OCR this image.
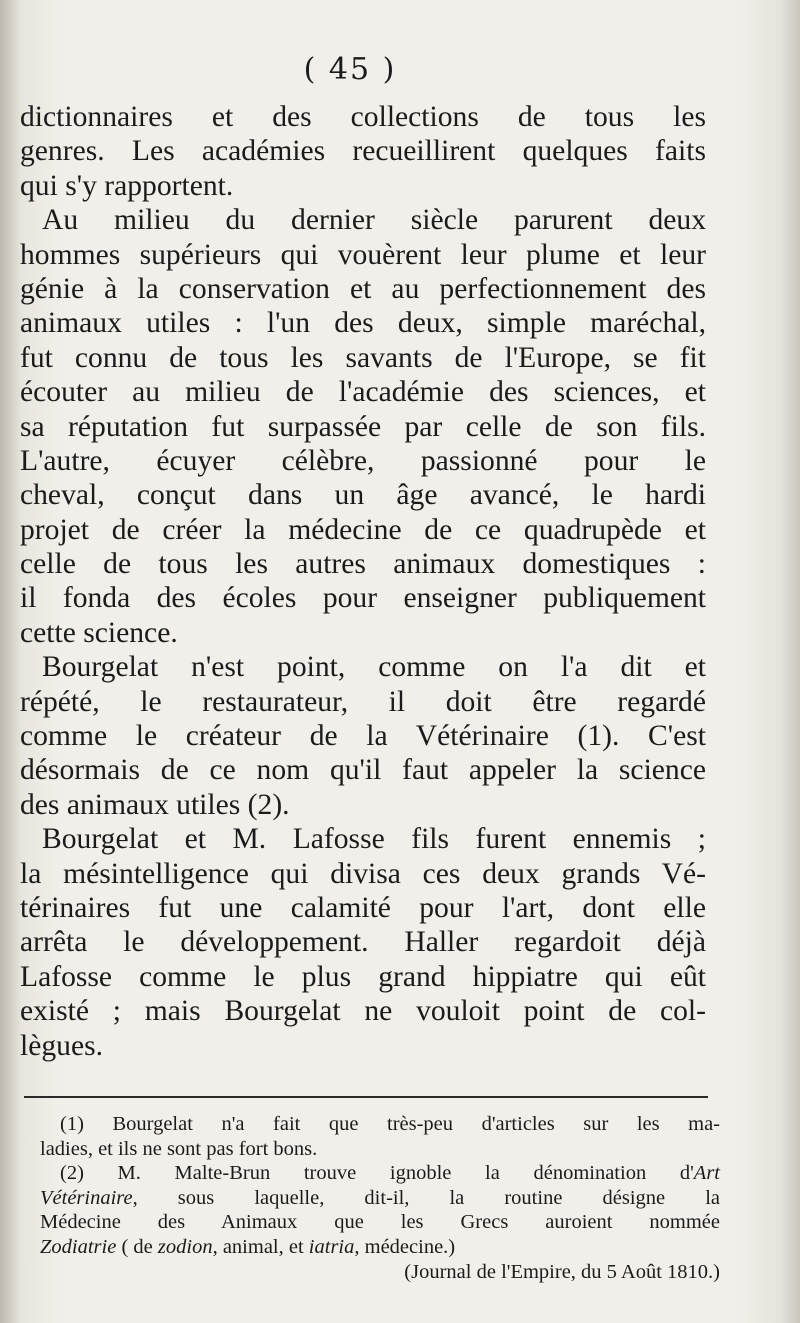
( 45 )
dictionnaires et des collections de tous les
genres. Les académies recueillirent quelques faits
qui s'y rapportent.
Au milieu du dernier siècle parurent deux
hommes supérieurs qui vouèrent leur plume et leur
génie à la conservation et au perfectionnement des
animaux utiles : l'un des deux, simple maréchal,
fut connu de tous les savants de l'Europe, se fit
écouter au milieu de l'académie des sciences, et
sa réputation fut surpassée par celle de son fils.
L'autre, écuyer célèbre, passionné pour le
cheval, conçut dans un âge avancé, le hardi
projet de créer la médecine de ce quadrupède et
celle de tous les autres animaux domestiques :
il fonda des écoles pour enseigner publiquement
cette science.
Bourgelat n'est point, comme on l'a dit et
répété, le restaurateur, il doit être regardé
comme le créateur de la Vétérinaire (1). C'est
désormais de ce nom qu'il faut appeler la science
des animaux utiles (2).
Bourgelat et M. Lafosse fils furent ennemis ;
la mésintelligence qui divisa ces deux grands Vé-
térinaires fut une calamité pour l'art, dont elle
arrêta le développement. Haller regardoit déjà
Lafosse comme le plus grand hippiatre qui eût
existé ; mais Bourgelat ne vouloit point de col-
lègues.
(1) Bourgelat n'a fait que très-peu d'articles sur les ma-
ladies, et ils ne sont pas fort bons.
(2) M. Malte-Brun trouve ignoble la dénomination d'Art
Vétérinaire, sous laquelle, dit-il, la routine désigne la
Médecine des Animaux que les Grecs auroient nommée
Zodiatrie ( de zodion, animal, et iatria, médecine.)
(Journal de l'Empire, du 5 Août 1810.)
